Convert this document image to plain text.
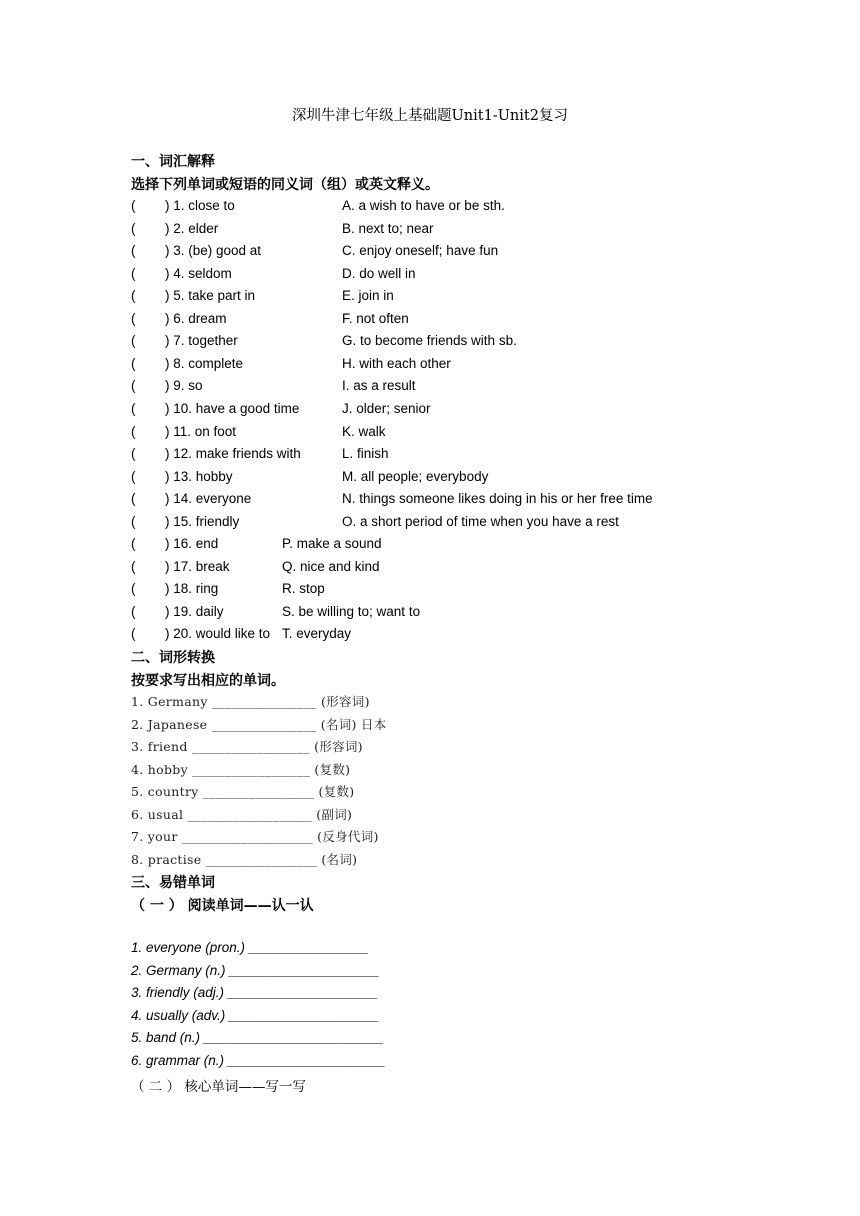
深圳牛津七年级上基础题Unit1-Unit2复习
一、词汇解释
选择下列单词或短语的同义词（组）或英文释义。
( ) 1. close to	A. a wish to have or be sth.
( ) 2. elder	B. next to; near
( ) 3. (be) good at	C. enjoy oneself; have fun
( ) 4. seldom	D. do well in
( ) 5. take part in	E. join in
( ) 6. dream	F. not often
( ) 7. together	G. to become friends with sb.
( ) 8. complete	H. with each other
( ) 9. so	I. as a result
( ) 10. have a good time	J. older; senior
( ) 11. on foot	K. walk
( ) 12. make friends with	L. finish
( ) 13. hobby	M. all people; everybody
( ) 14. everyone	N. things someone likes doing in his or her free time
( ) 15. friendly	O. a short period of time when you have a rest
( ) 16. end	P. make a sound
( ) 17. break	Q. nice and kind
( ) 18. ring	R. stop
( ) 19. daily	S. be willing to; want to
( ) 20. would like to T. everyday
二、词形转换
按要求写出相应的单词。
1. Germany ________________ (形容词)
2. Japanese ________________ (名词) 日本
3. friend __________________ (形容词)
4. hobby __________________ (复数)
5. country _________________ (复数)
6. usual ___________________ (副词)
7. your ____________________ (反身代词)
8. practise _________________ (名词)
三、易错单词
（ 一 ） 阅读单词——认一认
1. everyone (pron.) ________________
2. Germany (n.) ____________________
3. friendly (adj.) ____________________
4. usually (adv.) ____________________
5. band (n.) ________________________
6. grammar (n.) _____________________
（ 二 ） 核心单词——写一写
